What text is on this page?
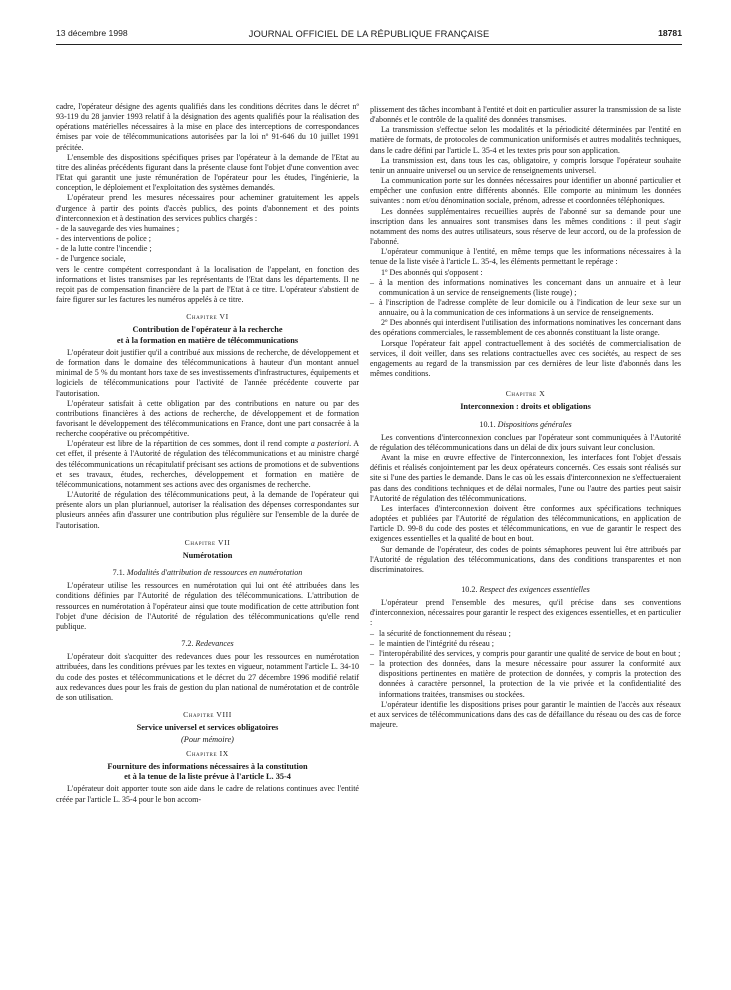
13 décembre 1998	JOURNAL OFFICIEL DE LA RÉPUBLIQUE FRANÇAISE	18781

cadre, l'opérateur désigne des agents qualifiés dans les conditions décrites dans le décret nº 93-119 du 28 janvier 1993 relatif à la désignation des agents qualifiés pour la réalisation des opérations matérielles nécessaires à la mise en place des interceptions de correspondances émises par voie de télécommunications autorisées par la loi nº 91-646 du 10 juillet 1991 précitée.

L'ensemble des dispositions spécifiques prises par l'opérateur à la demande de l'Etat au titre des alinéas précédents figurant dans la présente clause font l'objet d'une convention avec l'Etat qui garantit une juste rémunération de l'opérateur pour les études, l'ingénierie, la conception, le déploiement et l'exploitation des systèmes demandés.

L'opérateur prend les mesures nécessaires pour acheminer gratuitement les appels d'urgence à partir des points d'accès publics, des points d'abonnement et des points d'interconnexion et à destination des services publics chargés :

- de la sauvegarde des vies humaines ;

- des interventions de police ;

- de la lutte contre l'incendie ;

- de l'urgence sociale,

vers le centre compétent correspondant à la localisation de l'appelant, en fonction des informations et listes transmises par les représentants de l'Etat dans les départements. Il ne reçoit pas de compensation financière de la part de l'Etat à ce titre. L'opérateur s'abstient de faire figurer sur les factures les numéros appelés à ce titre.

Chapitre VI
Contribution de l'opérateur à la recherche
et à la formation en matière de télécommunications

L'opérateur doit justifier qu'il a contribué aux missions de recherche, de développement et de formation dans le domaine des télécommunications à hauteur d'un montant annuel minimal de 5 % du montant hors taxe de ses investissements d'infrastructures, équipements et logiciels de télécommunications pour l'activité de l'année précédente couverte par l'autorisation.

L'opérateur satisfait à cette obligation par des contributions en nature ou par des contributions financières à des actions de recherche, de développement et de formation favorisant le développement des télécommunications en France, dont une part consacrée à la recherche coopérative ou précompétitive.

L'opérateur est libre de la répartition de ces sommes, dont il rend compte a posteriori. A cet effet, il présente à l'Autorité de régulation des télécommunications et au ministre chargé des télécommunications un récapitulatif précisant ses actions de promotions et de subventions et ses travaux, études, recherches, développement et formation en matière de télécommunications, notamment ses actions avec des organismes de recherche.

L'Autorité de régulation des télécommunications peut, à la demande de l'opérateur qui présente alors un plan pluriannuel, autoriser la réalisation des dépenses correspondantes sur plusieurs années afin d'assurer une contribution plus régulière sur l'ensemble de la durée de l'autorisation.

Chapitre VII
Numérotation
7.1. Modalités d'attribution de ressources en numérotation

L'opérateur utilise les ressources en numérotation qui lui ont été attribuées dans les conditions définies par l'Autorité de régulation des télécommunications. L'attribution de ressources en numérotation à l'opérateur ainsi que toute modification de cette attribution font l'objet d'une décision de l'Autorité de régulation des télécommunications qu'elle rend publique.

7.2. Redevances

L'opérateur doit s'acquitter des redevances dues pour les ressources en numérotation attribuées, dans les conditions prévues par les textes en vigueur, notamment l'article L. 34-10 du code des postes et télécommunications et le décret du 27 décembre 1996 modifié relatif aux redevances dues pour les frais de gestion du plan national de numérotation et de contrôle de son utilisation.

Chapitre VIII
Service universel et services obligatoires
(Pour mémoire)
Chapitre IX
Fourniture des informations nécessaires à la constitution
et à la tenue de la liste prévue à l'article L. 35-4

L'opérateur doit apporter toute son aide dans le cadre de relations continues avec l'entité créée par l'article L. 35-4 pour le bon accom-

plissement des tâches incombant à l'entité et doit en particulier assurer la transmission de sa liste d'abonnés et le contrôle de la qualité des données transmises.

La transmission s'effectue selon les modalités et la périodicité déterminées par l'entité en matière de formats, de protocoles de communication uniformisés et autres modalités techniques, dans le cadre défini par l'article L. 35-4 et les textes pris pour son application.

La transmission est, dans tous les cas, obligatoire, y compris lorsque l'opérateur souhaite tenir un annuaire universel ou un service de renseignements universel.

La communication porte sur les données nécessaires pour identifier un abonné particulier et empêcher une confusion entre différents abonnés. Elle comporte au minimum les données suivantes : nom et/ou dénomination sociale, prénom, adresse et coordonnées téléphoniques.

Les données supplémentaires recueillies auprès de l'abonné sur sa demande pour une inscription dans les annuaires sont transmises dans les mêmes conditions : il peut s'agir notamment des noms des autres utilisateurs, sous réserve de leur accord, ou de la profession de l'abonné.

L'opérateur communique à l'entité, en même temps que les informations nécessaires à la tenue de la liste visée à l'article L. 35-4, les éléments permettant le repérage :

1º Des abonnés qui s'opposent :

– à la mention des informations nominatives les concernant dans un annuaire et à leur communication à un service de renseignements (liste rouge) ;

– à l'inscription de l'adresse complète de leur domicile ou à l'indication de leur sexe sur un annuaire, ou à la communication de ces informations à un service de renseignements.

2º Des abonnés qui interdisent l'utilisation des informations nominatives les concernant dans des opérations commerciales, le rassemblement de ces abonnés constituant la liste orange.

Lorsque l'opérateur fait appel contractuellement à des sociétés de commercialisation de services, il doit veiller, dans ses relations contractuelles avec ces sociétés, au respect de ses engagements au regard de la transmission par ces dernières de leur liste d'abonnés dans les mêmes conditions.

Chapitre X
Interconnexion : droits et obligations
10.1. Dispositions générales

Les conventions d'interconnexion conclues par l'opérateur sont communiquées à l'Autorité de régulation des télécommunications dans un délai de dix jours suivant leur conclusion.

Avant la mise en œuvre effective de l'interconnexion, les interfaces font l'objet d'essais définis et réalisés conjointement par les deux opérateurs concernés. Ces essais sont réalisés sur site si l'une des parties le demande. Dans le cas où les essais d'interconnexion ne s'effectueraient pas dans des conditions techniques et de délai normales, l'une ou l'autre des parties peut saisir l'Autorité de régulation des télécommunications.

Les interfaces d'interconnexion doivent être conformes aux spécifications techniques adoptées et publiées par l'Autorité de régulation des télécommunications, en application de l'article D. 99-8 du code des postes et télécommunications, en vue de garantir le respect des exigences essentielles et la qualité de bout en bout.

Sur demande de l'opérateur, des codes de points sémaphores peuvent lui être attribués par l'Autorité de régulation des télécommunications, dans des conditions transparentes et non discriminatoires.

10.2. Respect des exigences essentielles

L'opérateur prend l'ensemble des mesures, qu'il précise dans ses conventions d'interconnexion, nécessaires pour garantir le respect des exigences essentielles, et en particulier :

– la sécurité de fonctionnement du réseau ;

– le maintien de l'intégrité du réseau ;

– l'interopérabilité des services, y compris pour garantir une qualité de service de bout en bout ;

– la protection des données, dans la mesure nécessaire pour assurer la conformité aux dispositions pertinentes en matière de protection de données, y compris la protection des données à caractère personnel, la protection de la vie privée et la confidentialité des informations traitées, transmises ou stockées.

L'opérateur identifie les dispositions prises pour garantir le maintien de l'accès aux réseaux et aux services de télécommunications dans des cas de défaillance du réseau ou des cas de force majeure.
